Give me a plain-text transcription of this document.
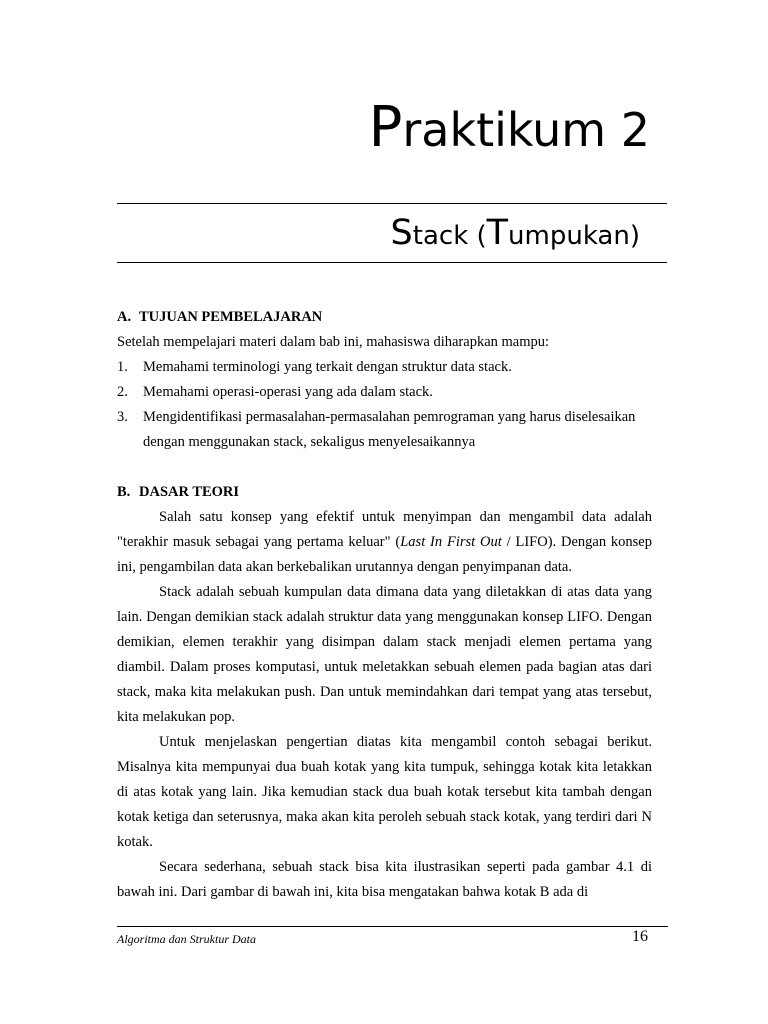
Praktikum 2
Stack (Tumpukan)
A. TUJUAN PEMBELAJARAN
Setelah mempelajari materi dalam bab ini, mahasiswa diharapkan mampu:
1.	Memahami terminologi yang terkait dengan struktur data stack.
2.	Memahami operasi-operasi yang ada dalam stack.
3.	Mengidentifikasi permasalahan-permasalahan pemrograman yang harus diselesaikan dengan menggunakan stack, sekaligus menyelesaikannya
B. DASAR TEORI

Salah satu konsep yang efektif untuk menyimpan dan mengambil data adalah "terakhir masuk sebagai yang pertama keluar" (Last In First Out / LIFO). Dengan konsep ini, pengambilan data akan berkebalikan urutannya dengan penyimpanan data.

Stack adalah sebuah kumpulan data dimana data yang diletakkan di atas data yang lain. Dengan demikian stack adalah struktur data yang menggunakan konsep LIFO. Dengan demikian, elemen terakhir yang disimpan dalam stack menjadi elemen pertama yang diambil. Dalam proses komputasi, untuk meletakkan sebuah elemen pada bagian atas dari stack, maka kita melakukan push. Dan untuk memindahkan dari tempat yang atas tersebut, kita melakukan pop.

Untuk menjelaskan pengertian diatas kita mengambil contoh sebagai berikut. Misalnya kita mempunyai dua buah kotak yang kita tumpuk, sehingga kotak kita letakkan di atas kotak yang lain. Jika kemudian stack dua buah kotak tersebut kita tambah dengan kotak ketiga dan seterusnya, maka akan kita peroleh sebuah stack kotak, yang terdiri dari N kotak.

Secara sederhana, sebuah stack bisa kita ilustrasikan seperti pada gambar 4.1 di bawah ini. Dari gambar di bawah ini, kita bisa mengatakan bahwa kotak B ada di

Algoritma dan Struktur Data	16
